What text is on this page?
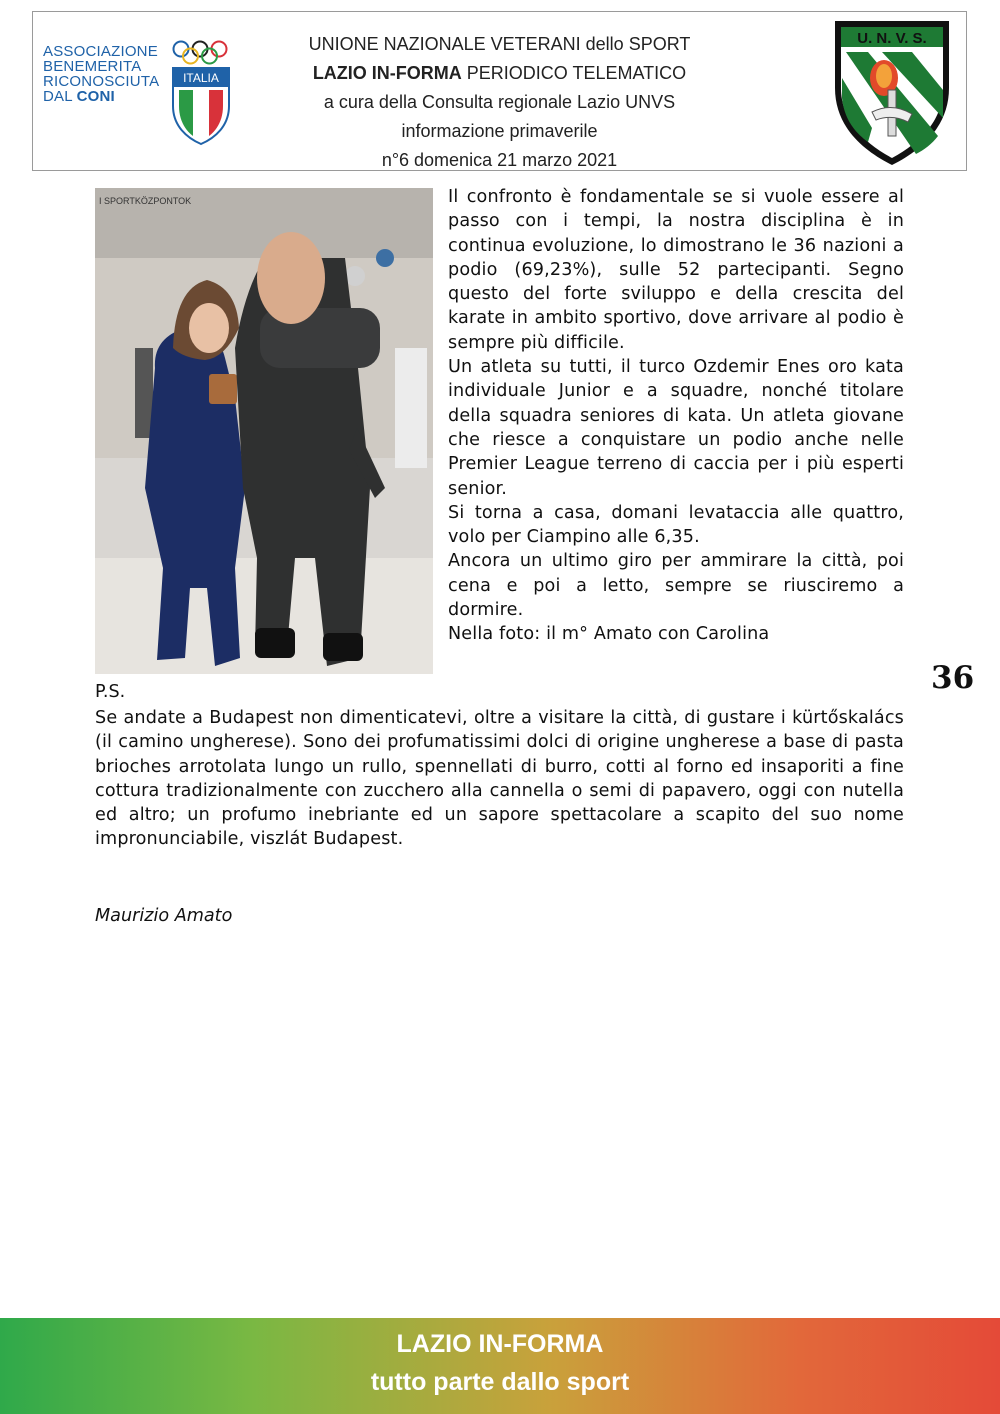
ASSOCIAZIONE
BENEMERITA
RICONOSCIUTA
DAL CONI
ITALIA
UNIONE NAZIONALE VETERANI dello SPORT
LAZIO IN-FORMA PERIODICO TELEMATICO
a cura della Consulta regionale Lazio UNVS
informazione primaverile
n°6 domenica 21 marzo 2021
U. N. V. S.
I SPORTKÖZPONTOK	Il confronto è fondamentale se si vuole essere al passo con i tempi, la nostra disciplina è in continua evoluzione, lo dimostrano le 36 nazioni a podio (69,23%), sulle 52 partecipanti. Segno questo del forte sviluppo e della crescita del karate in ambito sportivo, dove arrivare al podio è sempre più difficile.

Un atleta su tutti, il turco Ozdemir Enes oro kata individuale Junior e a squadre, nonché titolare della squadra seniores di kata. Un atleta giovane che riesce a conquistare un podio anche nelle Premier League terreno di caccia per i più esperti senior.

Si torna a casa, domani levataccia alle quattro, volo per Ciampino alle 6,35.

Ancora un ultimo giro per ammirare la città, poi cena e poi a letto, sempre se riusciremo a dormire.

Nella foto: il m° Amato con Carolina

36
P.S.
Se andate a Budapest non dimenticatevi, oltre a visitare la città, di gustare i kürtőskalács (il camino ungherese). Sono dei profumatissimi dolci di origine ungherese a base di pasta brioches arrotolata lungo un rullo, spennellati di burro, cotti al forno ed insaporiti a fine cottura tradizionalmente con zucchero alla cannella o semi di papavero, oggi con nutella ed altro; un profumo inebriante ed un sapore spettacolare a scapito del suo nome impronunciabile, viszlát Budapest.
Maurizio Amato
LAZIO IN-FORMA
tutto parte dallo sport
